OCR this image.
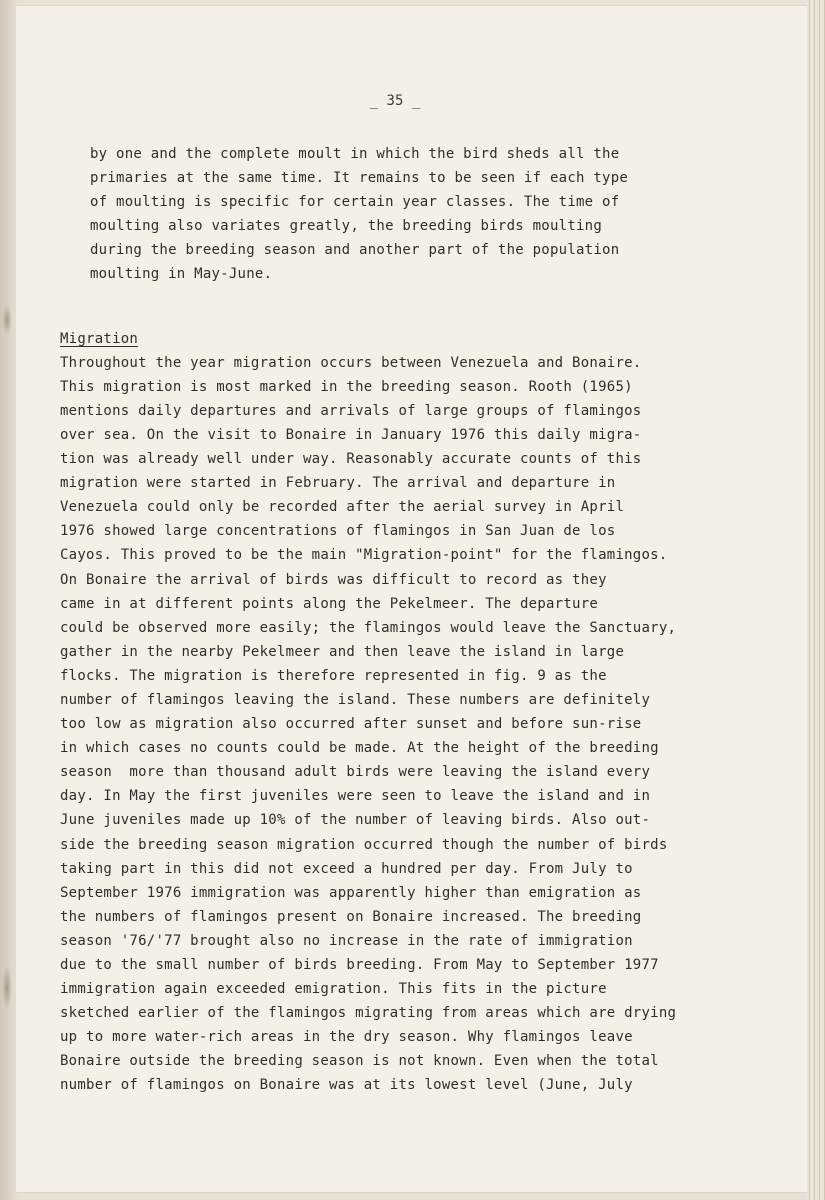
_ 35 _
by one and the complete moult in which the bird sheds all the
primaries at the same time. It remains to be seen if each type
of moulting is specific for certain year classes. The time of
moulting also variates greatly, the breeding birds moulting
during the breeding season and another part of the population
moulting in May-June.
Migration
Throughout the year migration occurs between Venezuela and Bonaire.
This migration is most marked in the breeding season. Rooth (1965)
mentions daily departures and arrivals of large groups of flamingos
over sea. On the visit to Bonaire in January 1976 this daily migra-
tion was already well under way. Reasonably accurate counts of this
migration were started in February. The arrival and departure in
Venezuela could only be recorded after the aerial survey in April
1976 showed large concentrations of flamingos in San Juan de los
Cayos. This proved to be the main "Migration-point" for the flamingos.
On Bonaire the arrival of birds was difficult to record as they
came in at different points along the Pekelmeer. The departure
could be observed more easily; the flamingos would leave the Sanctuary,
gather in the nearby Pekelmeer and then leave the island in large
flocks. The migration is therefore represented in fig. 9 as the
number of flamingos leaving the island. These numbers are definitely
too low as migration also occurred after sunset and before sun-rise
in which cases no counts could be made. At the height of the breeding
season  more than thousand adult birds were leaving the island every
day. In May the first juveniles were seen to leave the island and in
June juveniles made up 10% of the number of leaving birds. Also out-
side the breeding season migration occurred though the number of birds
taking part in this did not exceed a hundred per day. From July to
September 1976 immigration was apparently higher than emigration as
the numbers of flamingos present on Bonaire increased. The breeding
season '76/'77 brought also no increase in the rate of immigration
due to the small number of birds breeding. From May to September 1977
immigration again exceeded emigration. This fits in the picture
sketched earlier of the flamingos migrating from areas which are drying
up to more water-rich areas in the dry season. Why flamingos leave
Bonaire outside the breeding season is not known. Even when the total
number of flamingos on Bonaire was at its lowest level (June, July
